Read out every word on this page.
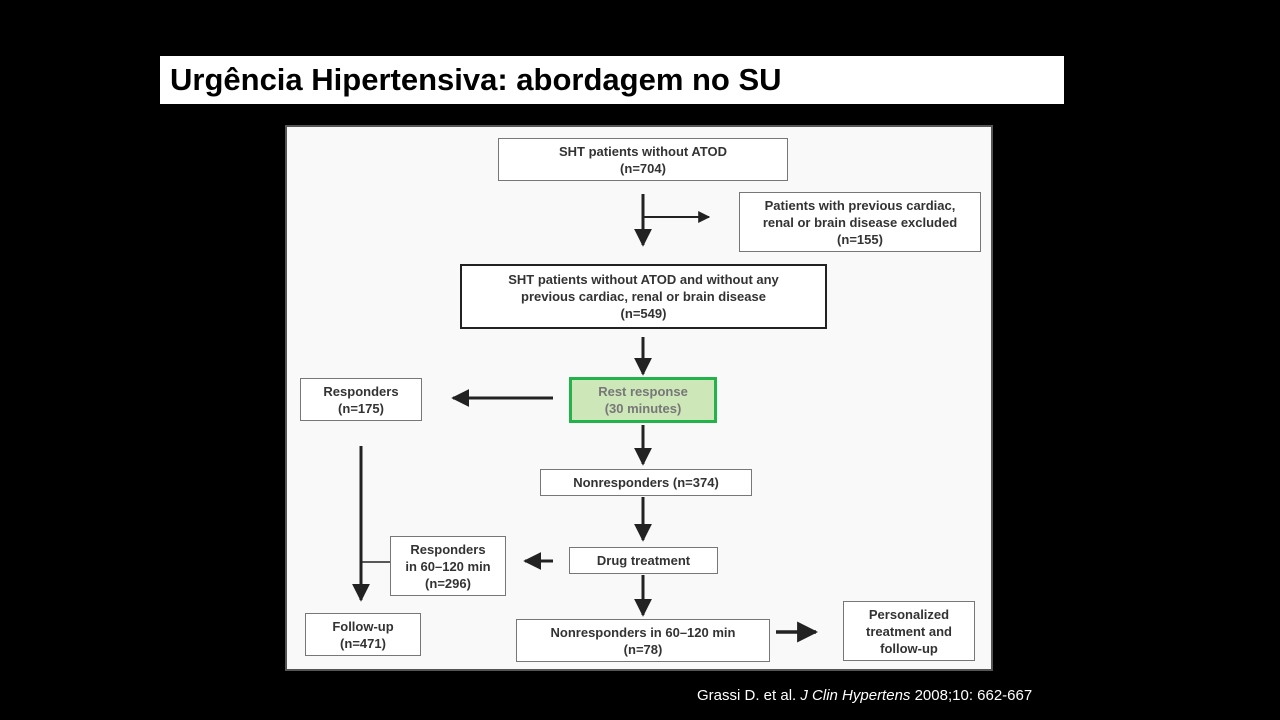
Urgência Hipertensiva: abordagem no SU
SHT patients without ATOD
(n=704)
Patients with previous cardiac,
renal or brain disease excluded
(n=155)
SHT patients without ATOD and without any
previous cardiac, renal or brain disease
(n=549)
Rest response
(30 minutes)
Responders
(n=175)
Nonresponders (n=374)
Drug treatment
Responders
in 60–120 min
(n=296)
Follow-up
(n=471)
Nonresponders in 60–120 min
(n=78)
Personalized
treatment and
follow-up
Grassi D. et al. J Clin Hypertens 2008;10: 662-667
